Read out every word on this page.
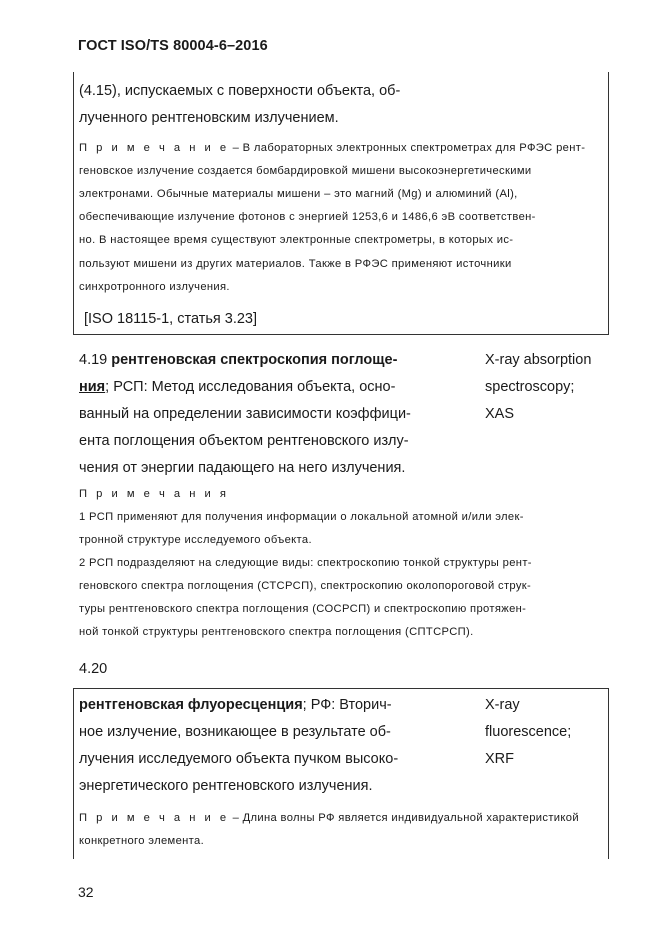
ГОСТ ISO/TS 80004-6–2016
(4.15), испускаемых с поверхности объекта, об-
лученного рентгеновским излучением.
П р и м е ч а н и е – В лабораторных электронных спектрометрах для РФЭС рент-
геновское излучение создается бомбардировкой мишени высокоэнергетическими
электронами. Обычные материалы мишени – это магний (Mg) и алюминий (Al),
обеспечивающие излучение фотонов с энергией 1253,6 и 1486,6 эВ соответствен-
но. В настоящее время существуют электронные спектрометры, в которых ис-
пользуют мишени из других материалов. Также в РФЭС применяют источники
синхротронного излучения.
[ISO 18115-1, статья 3.23]
4.19 рентгеновская спектроскопия поглоще-
ния; РСП: Метод исследования объекта, осно-
ванный на определении зависимости коэффици-
ента поглощения объектом рентгеновского излу-
чения от энергии падающего на него излучения.
X-ray absorption
spectroscopy;
XAS
П р и м е ч а н и я
1 РСП применяют для получения информации о локальной атомной и/или элек-
тронной структуре исследуемого объекта.
2 РСП подразделяют на следующие виды: спектроскопию тонкой структуры рент-
геновского спектра поглощения (СТСРСП), спектроскопию околопороговой струк-
туры рентгеновского спектра поглощения (СОСРСП) и спектроскопию протяжен-
ной тонкой структуры рентгеновского спектра поглощения (СПТСРСП).
4.20
рентгеновская флуоресценция; РФ: Вторич-
ное излучение, возникающее в результате об-
лучения исследуемого объекта пучком высоко-
энергетического рентгеновского излучения.
X-ray
fluorescence;
XRF
П р и м е ч а н и е – Длина волны РФ является индивидуальной характеристикой
конкретного элемента.
32
